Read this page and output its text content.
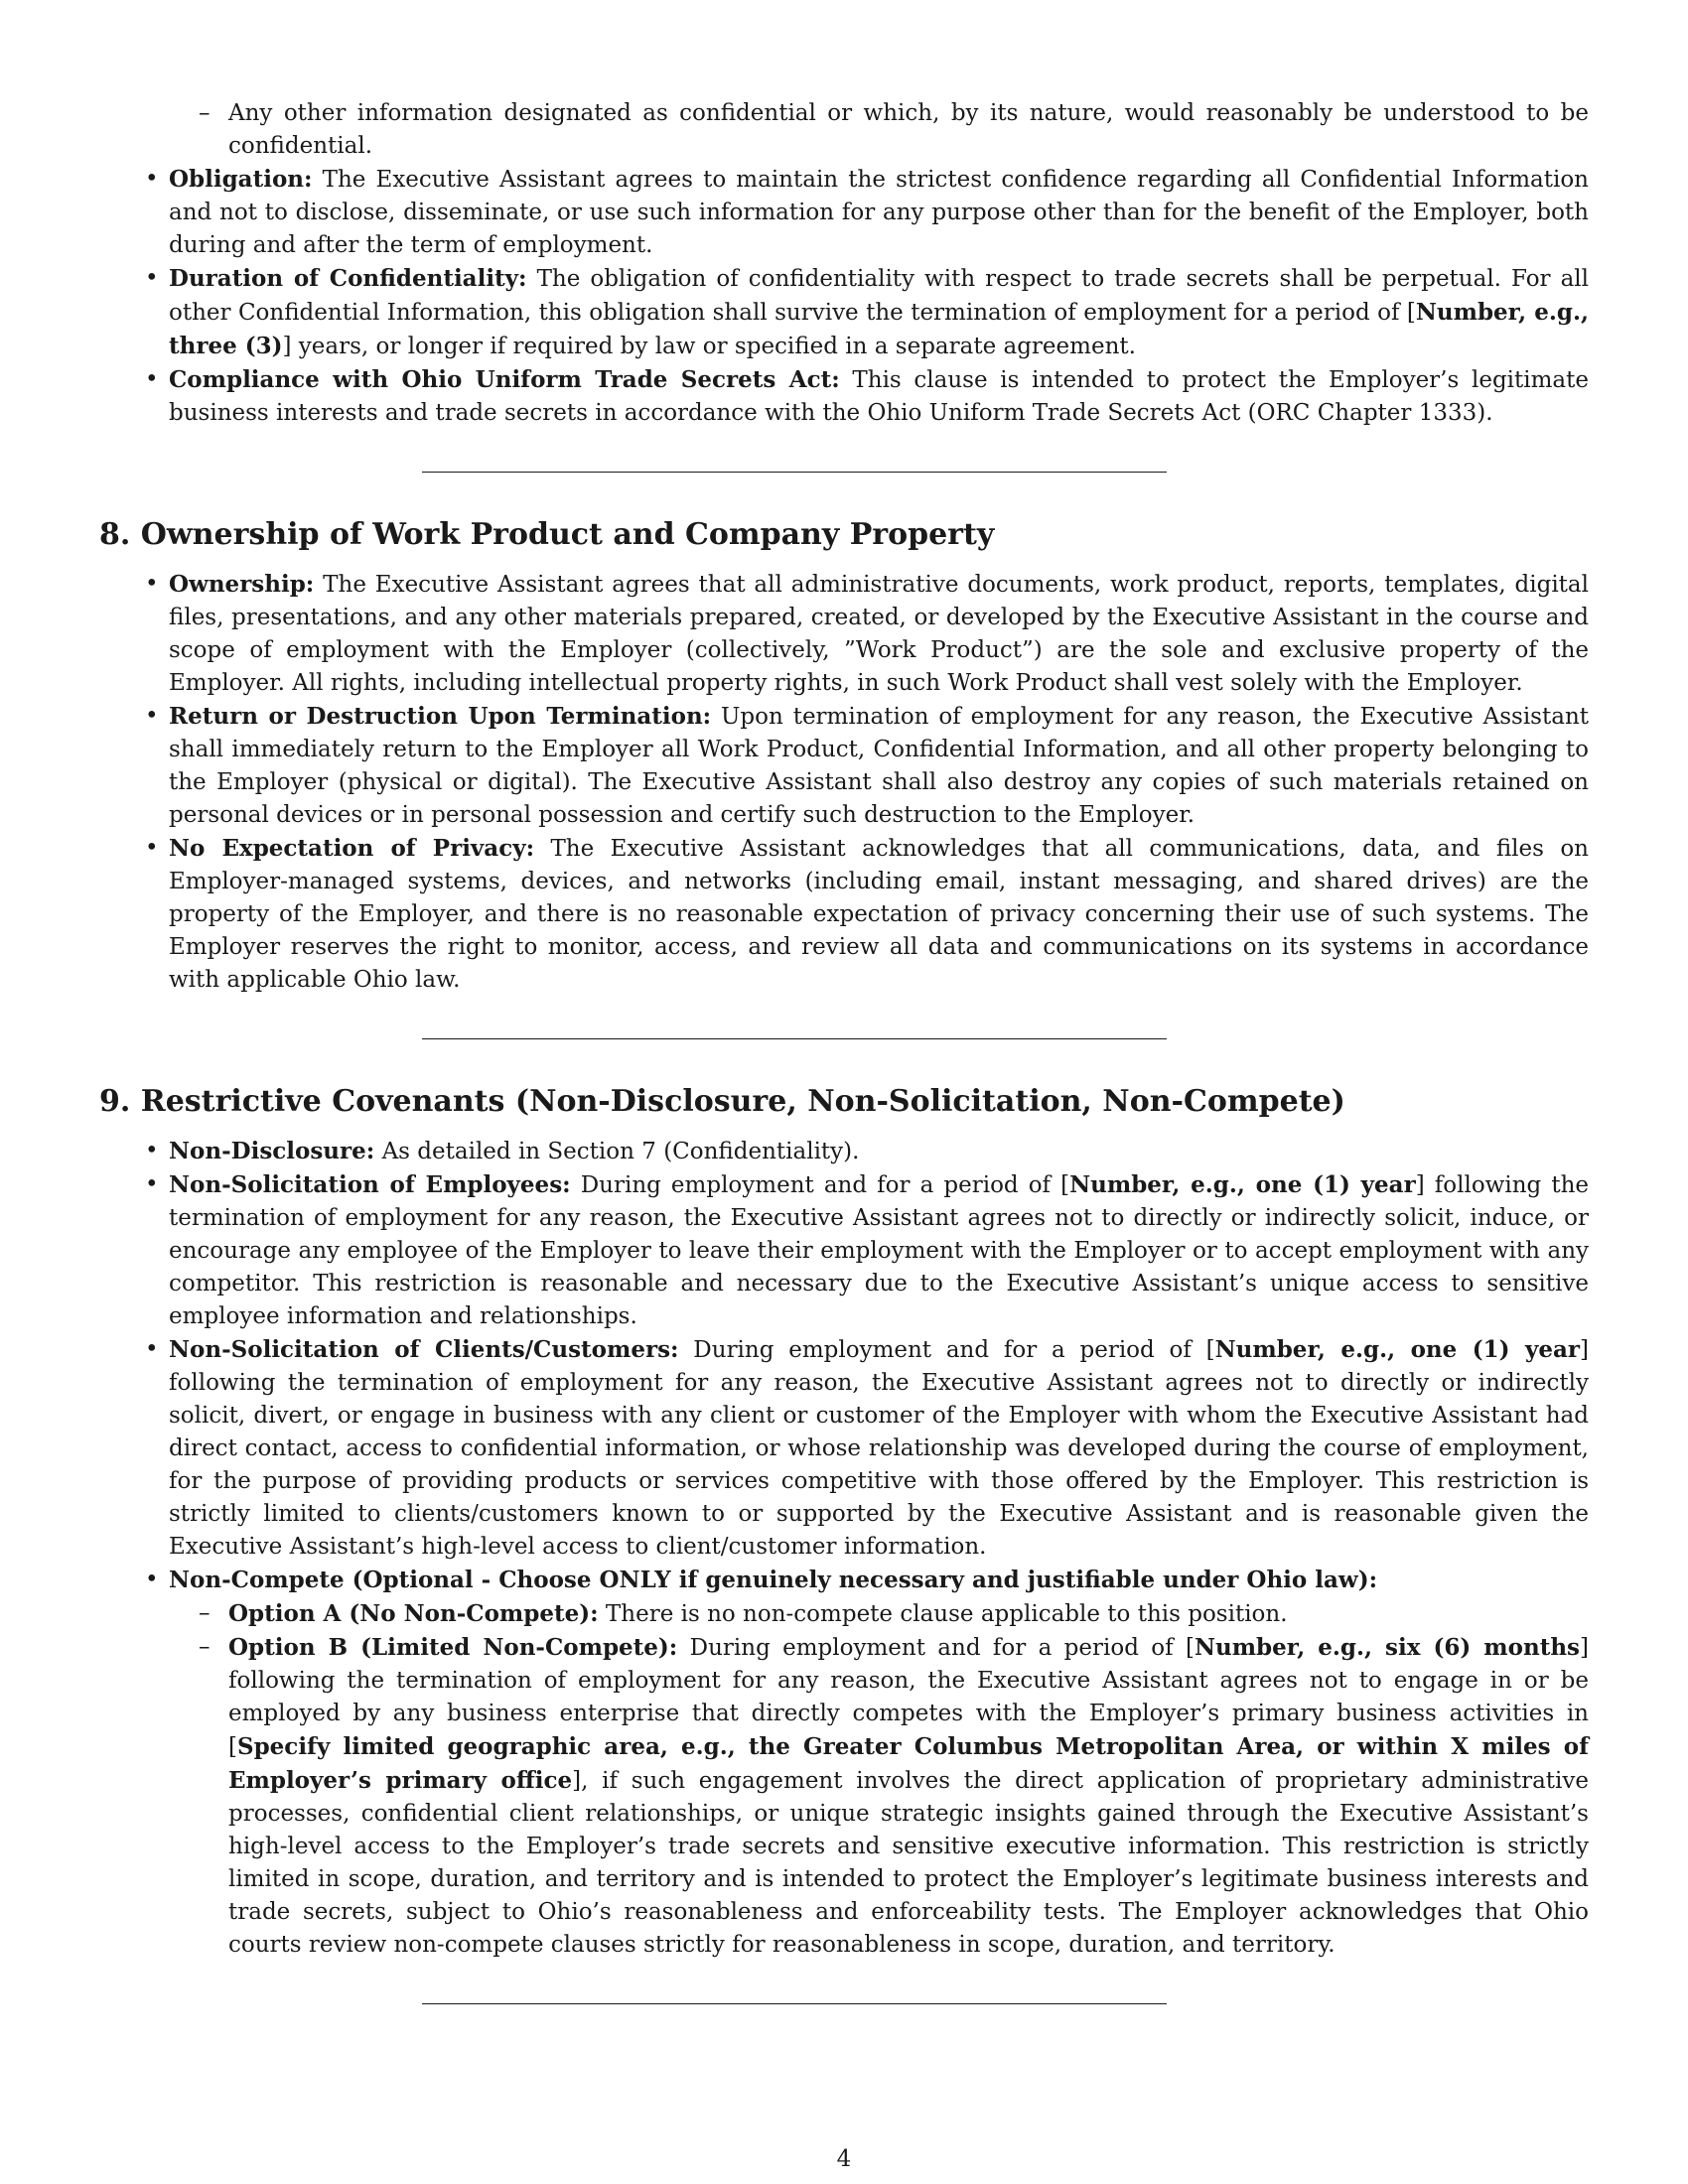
– Any other information designated as confidential or which, by its nature, would reasonably be understood to be confidential.
• Obligation: The Executive Assistant agrees to maintain the strictest confidence regarding all Confidential Information and not to disclose, disseminate, or use such information for any purpose other than for the benefit of the Employer, both during and after the term of employment.
• Duration of Confidentiality: The obligation of confidentiality with respect to trade secrets shall be perpetual. For all other Confidential Information, this obligation shall survive the termination of employment for a period of [Number, e.g., three (3)] years, or longer if required by law or specified in a separate agreement.
• Compliance with Ohio Uniform Trade Secrets Act: This clause is intended to protect the Employer’s legitimate business interests and trade secrets in accordance with the Ohio Uniform Trade Secrets Act (ORC Chapter 1333).
8. Ownership of Work Product and Company Property
• Ownership: The Executive Assistant agrees that all administrative documents, work product, reports, templates, digital files, presentations, and any other materials prepared, created, or developed by the Executive Assistant in the course and scope of employment with the Employer (collectively, ”Work Product”) are the sole and exclusive property of the Employer. All rights, including intellectual property rights, in such Work Product shall vest solely with the Employer.
• Return or Destruction Upon Termination: Upon termination of employment for any reason, the Executive Assistant shall immediately return to the Employer all Work Product, Confidential Information, and all other property belonging to the Employer (physical or digital). The Executive Assistant shall also destroy any copies of such materials retained on personal devices or in personal possession and certify such destruction to the Employer.
• No Expectation of Privacy: The Executive Assistant acknowledges that all communications, data, and files on Employer-managed systems, devices, and networks (including email, instant messaging, and shared drives) are the property of the Employer, and there is no reasonable expectation of privacy concerning their use of such systems. The Employer reserves the right to monitor, access, and review all data and communications on its systems in accordance with applicable Ohio law.
9. Restrictive Covenants (Non-Disclosure, Non-Solicitation, Non-Compete)
• Non-Disclosure: As detailed in Section 7 (Confidentiality).
• Non-Solicitation of Employees: During employment and for a period of [Number, e.g., one (1) year] following the termination of employment for any reason, the Executive Assistant agrees not to directly or indirectly solicit, induce, or encourage any employee of the Employer to leave their employment with the Employer or to accept employment with any competitor. This restriction is reasonable and necessary due to the Executive Assistant’s unique access to sensitive employee information and relationships.
• Non-Solicitation of Clients/Customers: During employment and for a period of [Number, e.g., one (1) year] following the termination of employment for any reason, the Executive Assistant agrees not to directly or indirectly solicit, divert, or engage in business with any client or customer of the Employer with whom the Executive Assistant had direct contact, access to confidential information, or whose relationship was developed during the course of employment, for the purpose of providing products or services competitive with those offered by the Employer. This restriction is strictly limited to clients/customers known to or supported by the Executive Assistant and is reasonable given the Executive Assistant’s high-level access to client/customer information.
• Non-Compete (Optional - Choose ONLY if genuinely necessary and justifiable under Ohio law):
– Option A (No Non-Compete): There is no non-compete clause applicable to this position.
– Option B (Limited Non-Compete): During employment and for a period of [Number, e.g., six (6) months] following the termination of employment for any reason, the Executive Assistant agrees not to engage in or be employed by any business enterprise that directly competes with the Employer’s primary business activities in [Specify limited geographic area, e.g., the Greater Columbus Metropolitan Area, or within X miles of Employer’s primary office], if such engagement involves the direct application of proprietary administrative processes, confidential client relationships, or unique strategic insights gained through the Executive Assistant’s high-level access to the Employer’s trade secrets and sensitive executive information. This restriction is strictly limited in scope, duration, and territory and is intended to protect the Employer’s legitimate business interests and trade secrets, subject to Ohio’s reasonableness and enforceability tests. The Employer acknowledges that Ohio courts review non-compete clauses strictly for reasonableness in scope, duration, and territory.
4
